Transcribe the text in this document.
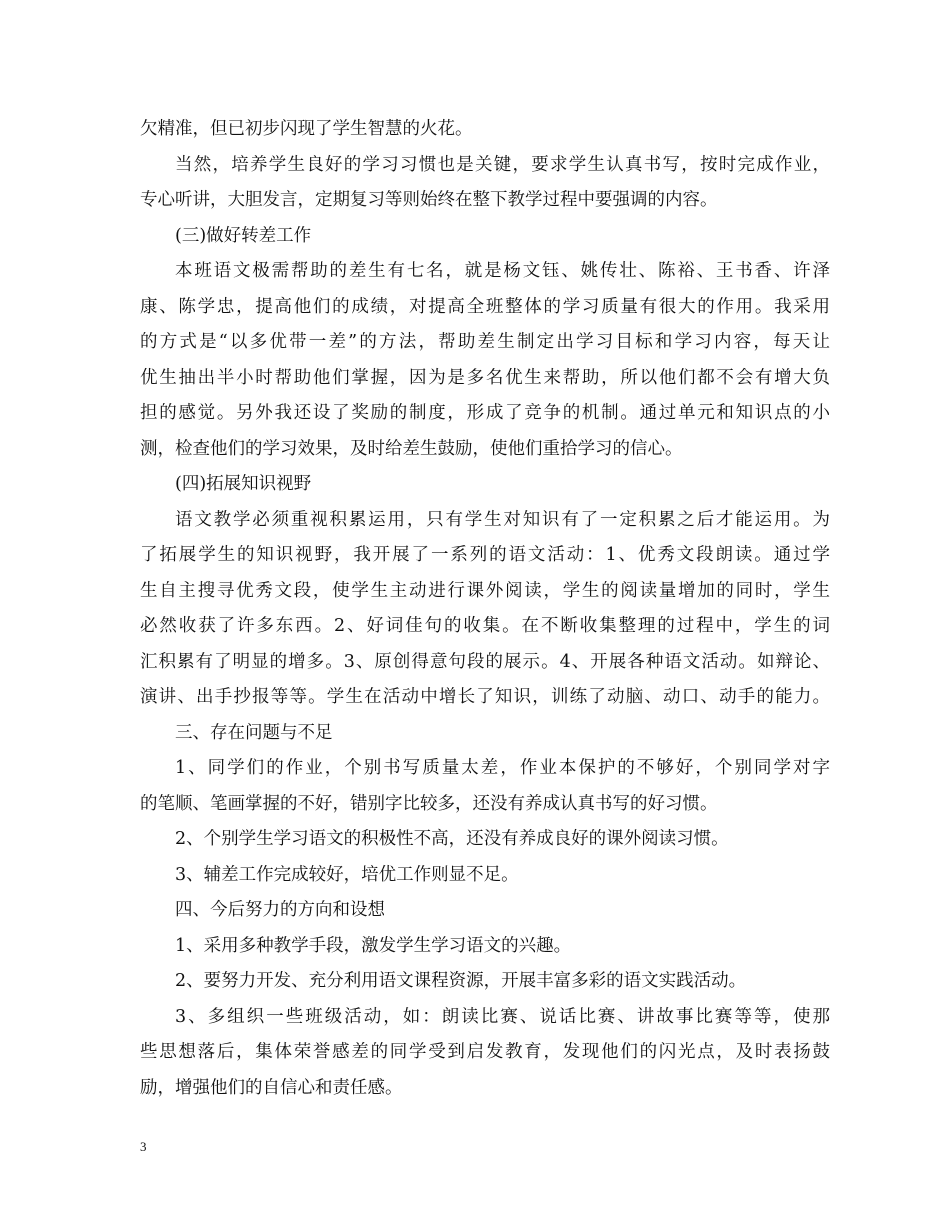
欠精准，但已初步闪现了学生智慧的火花。
当然，培养学生良好的学习习惯也是关键，要求学生认真书写，按时完成作业，
专心听讲，大胆发言，定期复习等则始终在整下教学过程中要强调的内容。
(三)做好转差工作
本班语文极需帮助的差生有七名，就是杨文钰、姚传壮、陈裕、王书香、许泽
康、陈学忠，提高他们的成绩，对提高全班整体的学习质量有很大的作用。我采用
的方式是“以多优带一差”的方法，帮助差生制定出学习目标和学习内容，每天让
优生抽出半小时帮助他们掌握，因为是多名优生来帮助，所以他们都不会有增大负
担的感觉。另外我还设了奖励的制度，形成了竞争的机制。通过单元和知识点的小
测，检查他们的学习效果，及时给差生鼓励，使他们重拾学习的信心。
(四)拓展知识视野
语文教学必须重视积累运用，只有学生对知识有了一定积累之后才能运用。为
了拓展学生的知识视野，我开展了一系列的语文活动：1、优秀文段朗读。通过学
生自主搜寻优秀文段，使学生主动进行课外阅读，学生的阅读量增加的同时，学生
必然收获了许多东西。2、好词佳句的收集。在不断收集整理的过程中，学生的词
汇积累有了明显的增多。3、原创得意句段的展示。4、开展各种语文活动。如辩论、
演讲、出手抄报等等。学生在活动中增长了知识，训练了动脑、动口、动手的能力。
三、存在问题与不足
1、同学们的作业，个别书写质量太差，作业本保护的不够好，个别同学对字
的笔顺、笔画掌握的不好，错别字比较多，还没有养成认真书写的好习惯。
2、个别学生学习语文的积极性不高，还没有养成良好的课外阅读习惯。
3、辅差工作完成较好，培优工作则显不足。
四、今后努力的方向和设想
1、采用多种教学手段，激发学生学习语文的兴趣。
2、要努力开发、充分利用语文课程资源，开展丰富多彩的语文实践活动。
3、多组织一些班级活动，如：朗读比赛、说话比赛、讲故事比赛等等，使那
些思想落后，集体荣誉感差的同学受到启发教育，发现他们的闪光点，及时表扬鼓
励，增强他们的自信心和责任感。
3
